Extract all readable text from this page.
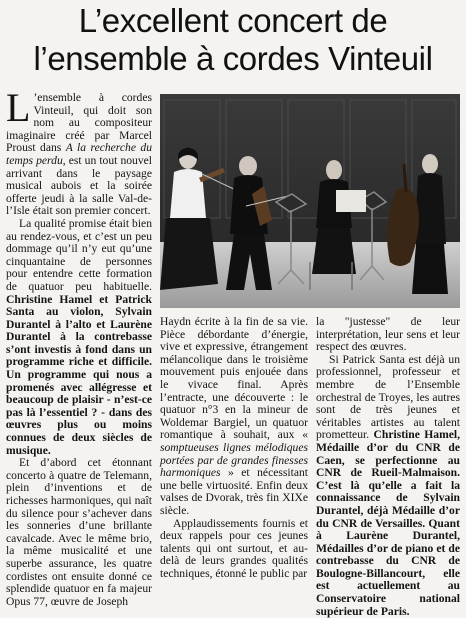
L’excellent concert de
l’ensemble à cordes Vinteuil

L ’ensemble à cordes Vinteuil, qui doit son nom au compositeur imaginaire créé par Marcel Proust dans A la recherche du temps perdu, est un tout nouvel arrivant dans le paysage musical aubois et la soirée offerte jeudi à la salle Val-de-l’Isle était son premier concert.

La qualité promise était bien au rendez-vous, et c’est un peu dommage qu’il n’y eut qu’une cinquantaine de personnes pour entendre cette formation de quatuor peu habituelle. Christine Hamel et Patrick Santa au violon, Sylvain Durantel à l’alto et Laurène Durantel à la contrebasse s’ont investis à fond dans un programme riche et difficile. Un programme qui nous a promenés avec allégresse et beaucoup de plaisir - n’est-ce pas là l’essentiel ? - dans des œuvres plus ou moins connues de deux siècles de musique.

Et d’abord cet étonnant concerto à quatre de Telemann, plein d’inventions et de richesses harmoniques, qui naît du silence pour s’achever dans les sonneries d’une brillante cavalcade. Avec le même brio, la même musicalité et une superbe assurance, les quatre cordistes ont ensuite donné ce splendide quatuor en fa majeur Opus 77, œuvre de Joseph

Haydn écrite à la fin de sa vie. Pièce débordante d’énergie, vive et expressive, étrangement mélancolique dans le troisième mouvement puis enjouée dans le vivace final. Après l’entracte, une découverte : le quatuor n°3 en la mineur de Woldemar Bargiel, un quatuor romantique à souhait, aux « somptueuses lignes mélodiques portées par de grandes finesses harmoniques » et nécessitant une belle virtuosité. Enfin deux valses de Dvorak, très fin XIXe siècle.

Applaudissements fournis et deux rappels pour ces jeunes talents qui ont surtout, et au-delà de leurs grandes qualités techniques, étonné le public par

la "justesse" de leur interprétation, leur sens et leur respect des œuvres.

Si Patrick Santa est déjà un professionnel, professeur et membre de l’Ensemble orchestral de Troyes, les autres sont de très jeunes et véritables artistes au talent prometteur. Christine Hamel, Médaille d’or du CNR de Caen, se perfectionne au CNR de Rueil-Malmaison. C’est là qu’elle a fait la connaissance de Sylvain Durantel, déjà Médaille d’or du CNR de Versailles. Quant à Laurène Durantel, Médailles d’or de piano et de contrebasse du CNR de Boulogne-Billancourt, elle est actuellement au Conservatoire national supérieur de Paris.
